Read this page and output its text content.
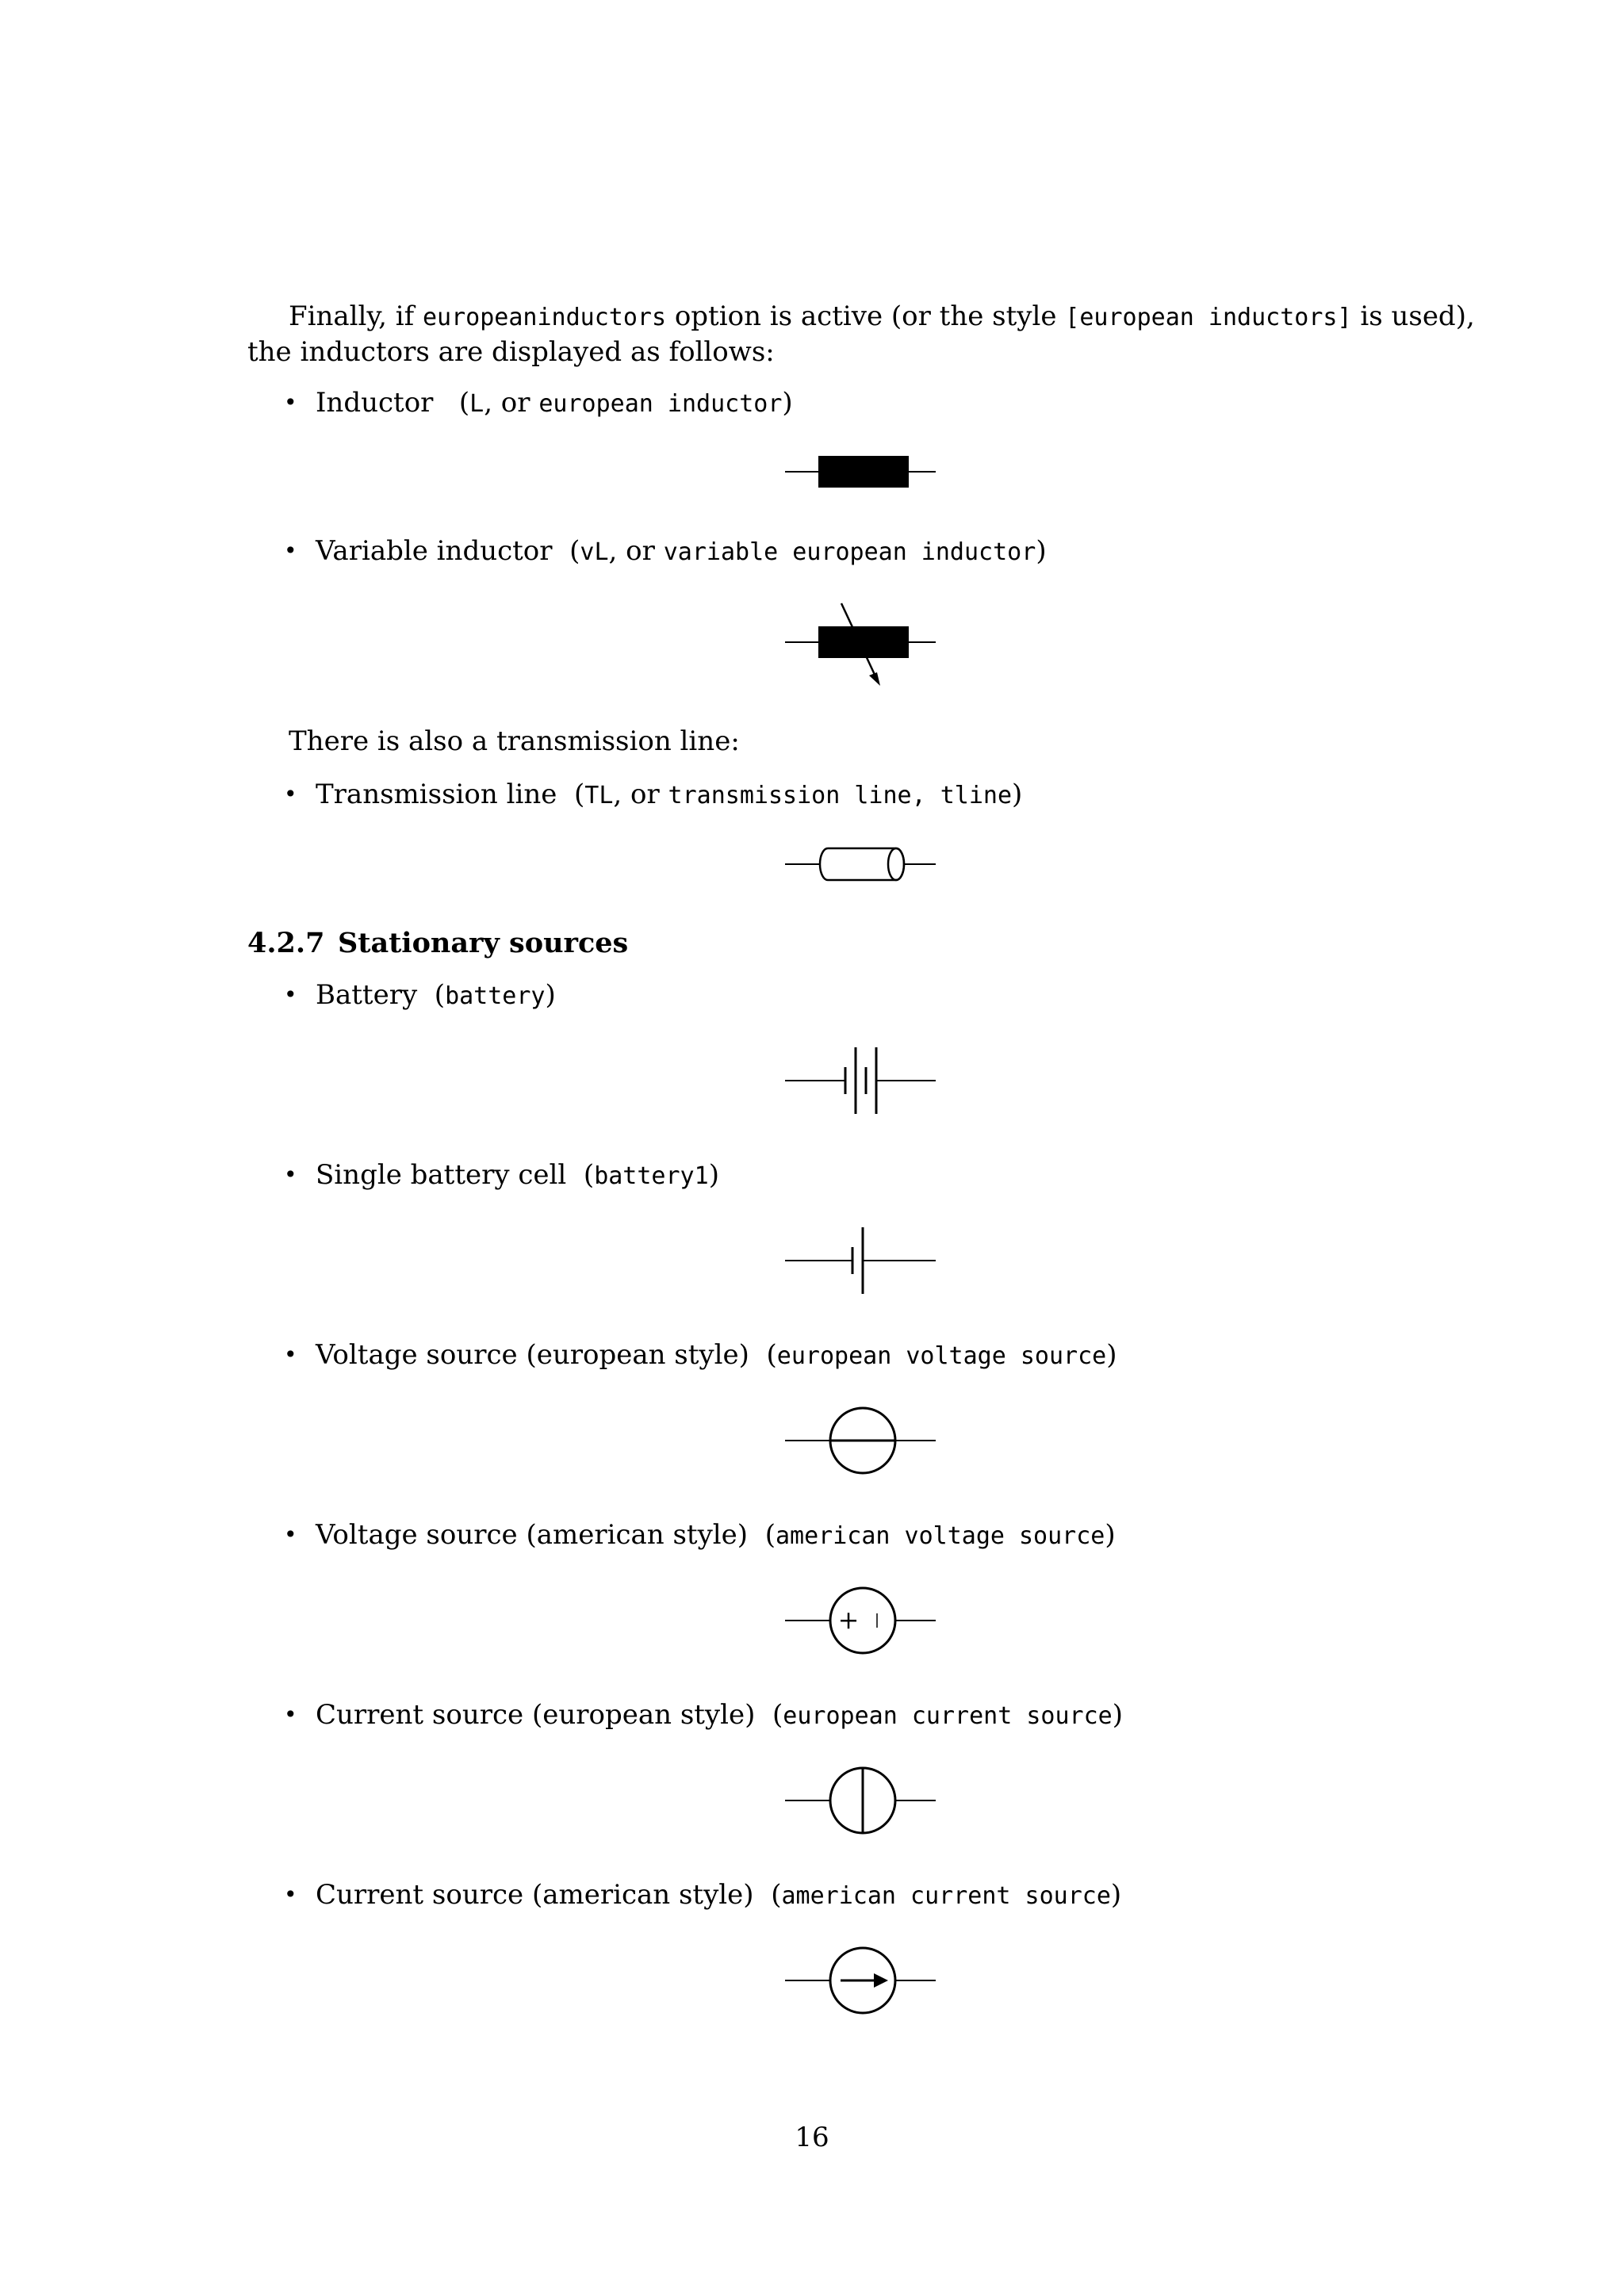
Finally, if europeaninductors option is active (or the style [european inductors] is used),
the inductors are displayed as follows:
• Inductor (L, or european inductor)
• Variable inductor (vL, or variable european inductor)
There is also a transmission line:
• Transmission line (TL, or transmission line, tline)
4.2.7 Stationary sources
• Battery (battery)
• Single battery cell (battery1)
• Voltage source (european style) (european voltage source)
• Voltage source (american style) (american voltage source)
+
• Current source (european style) (european current source)
• Current source (american style) (american current source)
16
